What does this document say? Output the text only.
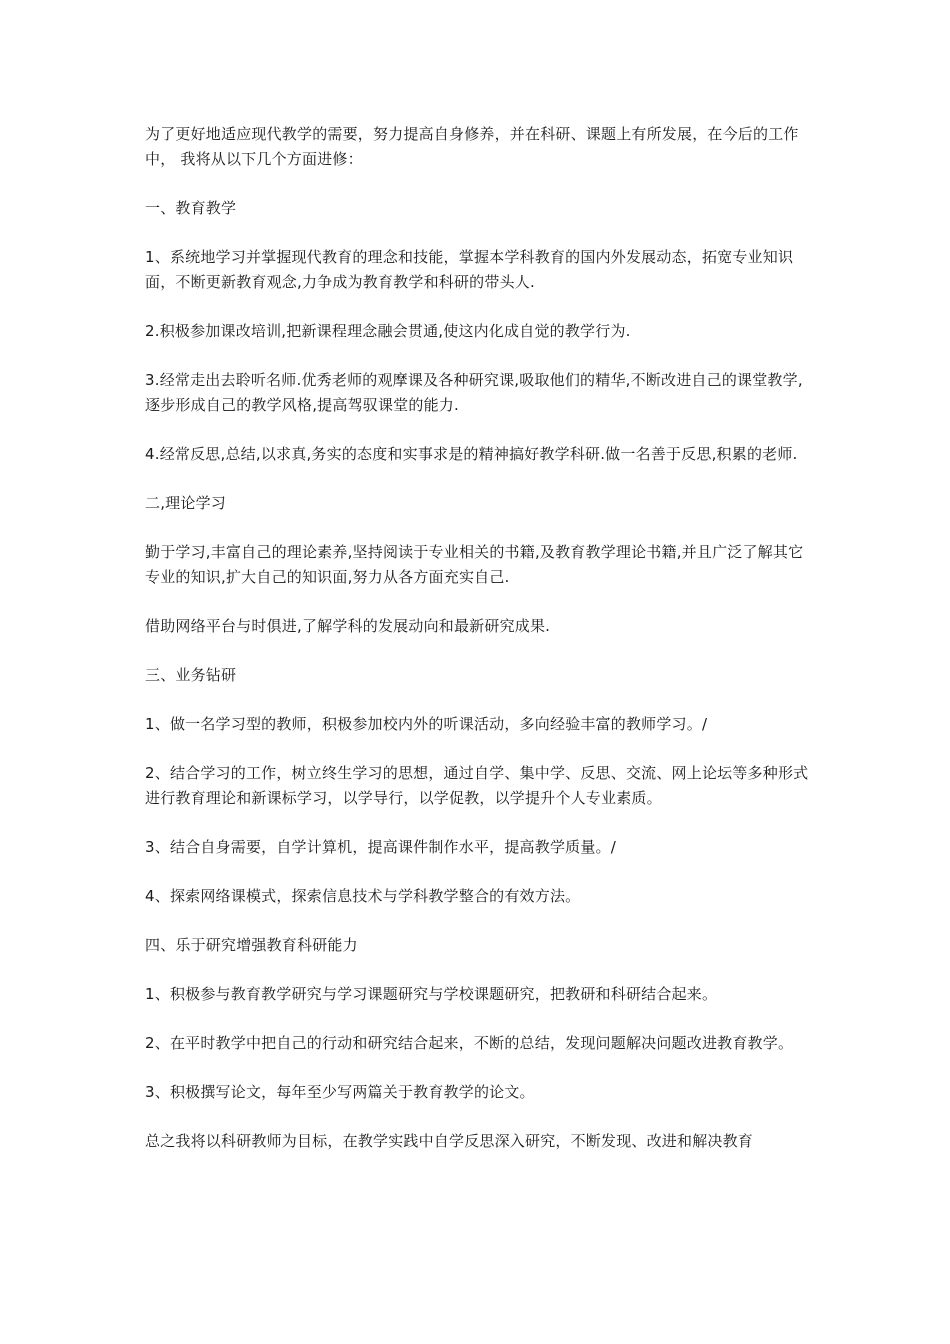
为了更好地适应现代教学的需要，努力提高自身修养，并在科研、课题上有所发展，在今后的工作中， 我将从以下几个方面进修：

一、教育教学

1、系统地学习并掌握现代教育的理念和技能，掌握本学科教育的国内外发展动态，拓宽专业知识面，不断更新教育观念,力争成为教育教学和科研的带头人.

2.积极参加课改培训,把新课程理念融会贯通,使这内化成自觉的教学行为.

3.经常走出去聆听名师.优秀老师的观摩课及各种研究课,吸取他们的精华,不断改进自己的课堂教学,逐步形成自己的教学风格,提高驾驭课堂的能力.

4.经常反思,总结,以求真,务实的态度和实事求是的精神搞好教学科研.做一名善于反思,积累的老师.

二,理论学习

勤于学习,丰富自己的理论素养,坚持阅读于专业相关的书籍,及教育教学理论书籍,并且广泛了解其它专业的知识,扩大自己的知识面,努力从各方面充实自己.

借助网络平台与时俱进,了解学科的发展动向和最新研究成果.

三、业务钻研

1、做一名学习型的教师，积极参加校内外的听课活动，多向经验丰富的教师学习。/

2、结合学习的工作，树立终生学习的思想，通过自学、集中学、反思、交流、网上论坛等多种形式进行教育理论和新课标学习，以学导行，以学促教，以学提升个人专业素质。

3、结合自身需要，自学计算机，提高课件制作水平，提高教学质量。/

4、探索网络课模式，探索信息技术与学科教学整合的有效方法。

四、乐于研究增强教育科研能力

1、积极参与教育教学研究与学习课题研究与学校课题研究，把教研和科研结合起来。

2、在平时教学中把自己的行动和研究结合起来，不断的总结，发现问题解决问题改进教育教学。

3、积极撰写论文，每年至少写两篇关于教育教学的论文。

总之我将以科研教师为目标，在教学实践中自学反思深入研究，不断发现、改进和解决教育
